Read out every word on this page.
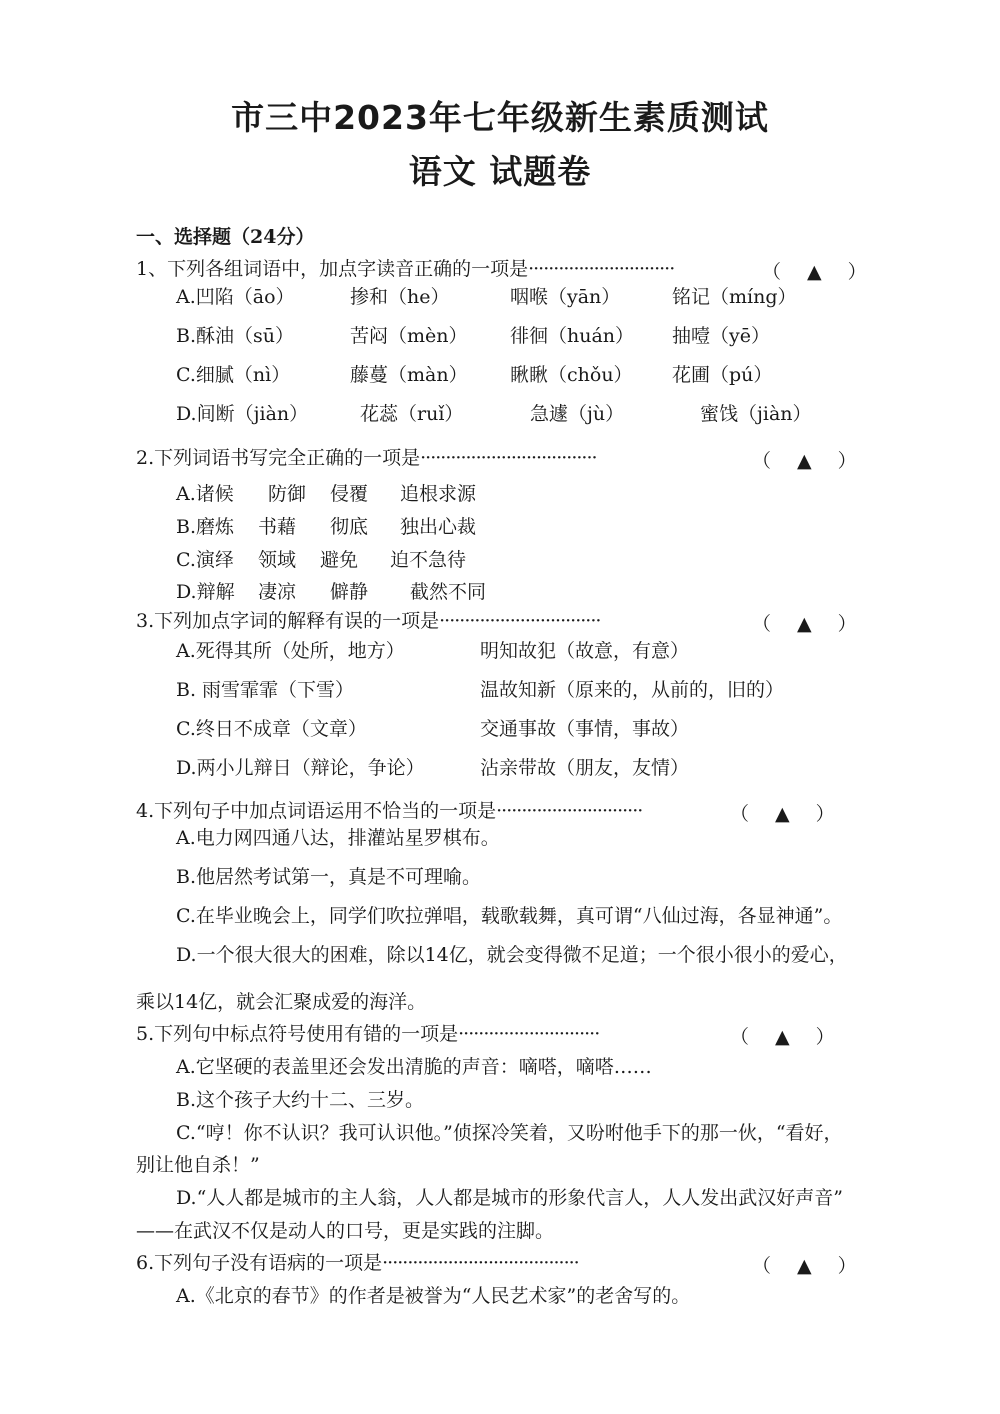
市三中2023年七年级新生素质测试
语文 试题卷
一、选择题（24分）
1、下列各组词语中，加点字读音正确的一项是·····························	（ ▲ ）
A.凹陷（āo）	掺和（he）	咽喉（yān）	铭记（míng）
B.酥油（sū）	苦闷（mèn） 徘徊（huán） 抽噎（yē）
C.细腻（nì）	藤蔓（màn） 瞅瞅（chǒu） 花圃（pú）
D.间断（jiàn）	花蕊（ruǐ）	急遽（jù）	蜜饯（jiàn）
2.下列词语书写完全正确的一项是···································	（ ▲ ）
A.诸候 防御 侵覆 追根求源
B.磨炼 书藉 彻底 独出心裁
C.演绎 领域 避免 迫不急待
D.辩解 凄凉 僻静 截然不同
3.下列加点字词的解释有误的一项是································	（ ▲ ）
A.死得其所（处所，地方）	明知故犯（故意，有意）
B. 雨雪霏霏（下雪）	温故知新（原来的，从前的，旧的）
C.终日不成章（文章）	交通事故（事情，事故）
D.两小儿辩日（辩论，争论）	沾亲带故（朋友，友情）
4.下列句子中加点词语运用不恰当的一项是·····························	（ ▲ ）
A.电力网四通八达，排灌站星罗棋布。
B.他居然考试第一，真是不可理喻。
C.在毕业晚会上，同学们吹拉弹唱，载歌载舞，真可谓“八仙过海，各显神通”。
D.一个很大很大的困难，除以14亿，就会变得微不足道；一个很小很小的爱心，
乘以14亿，就会汇聚成爱的海洋。
5.下列句中标点符号使用有错的一项是····························	（ ▲ ）
A.它坚硬的表盖里还会发出清脆的声音：嘀嗒，嘀嗒……
B.这个孩子大约十二、三岁。
C.“哼！你不认识？我可认识他。”侦探冷笑着，又吩咐他手下的那一伙，“看好，
别让他自杀！”
D.“人人都是城市的主人翁，人人都是城市的形象代言人，人人发出武汉好声音”
——在武汉不仅是动人的口号，更是实践的注脚。
6.下列句子没有语病的一项是·······································	（ ▲ ）
A.《北京的春节》的作者是被誉为“人民艺术家”的老舍写的。
